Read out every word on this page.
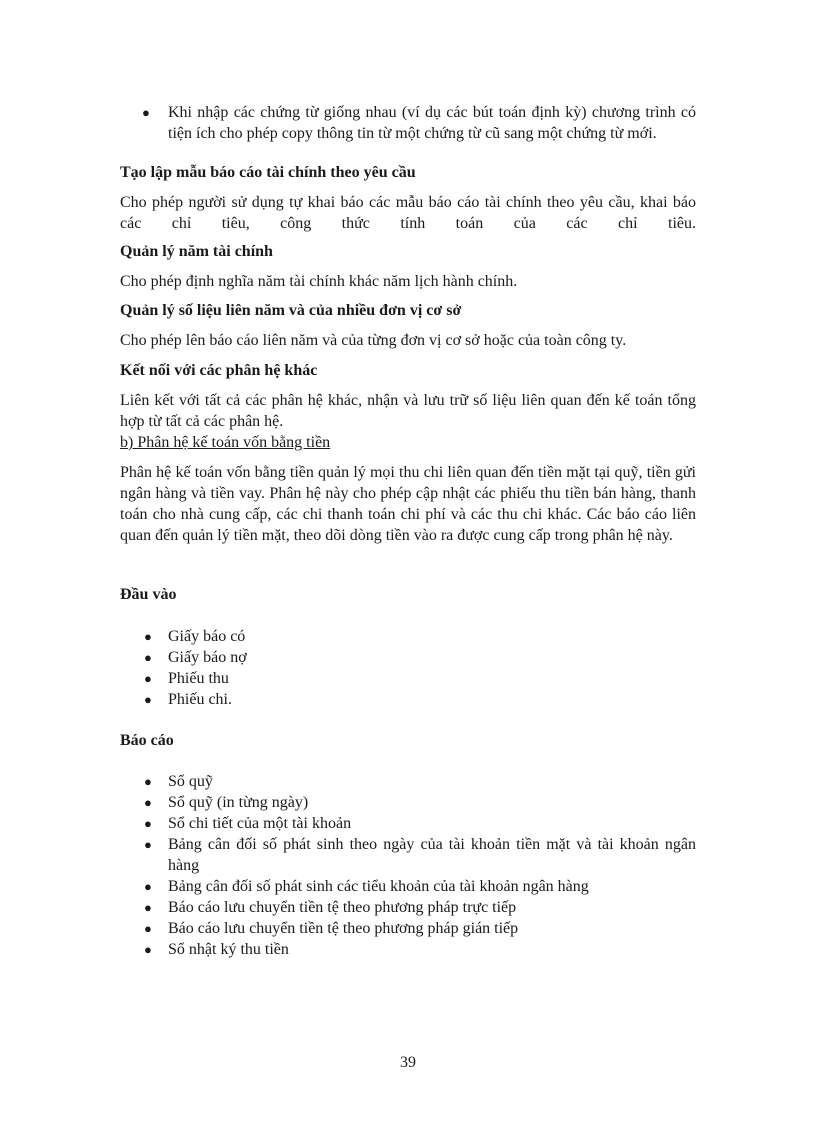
● Khi nhập các chứng từ giống nhau (ví dụ các bút toán định kỳ) chương trình có tiện ích cho phép copy thông tin từ một chứng từ cũ sang một chứng từ mới.
Tạo lập mẫu báo cáo tài chính theo yêu cầu

Cho phép người sử dụng tự khai báo các mẫu báo cáo tài chính theo yêu cầu, khai báo các chỉ tiêu, công thức tính toán của các chỉ tiêu.

Quản lý năm tài chính

Cho phép định nghĩa năm tài chính khác năm lịch hành chính.

Quản lý số liệu liên năm và của nhiều đơn vị cơ sở

Cho phép lên báo cáo liên năm và của từng đơn vị cơ sở hoặc của toàn công ty.

Kết nối với các phân hệ khác

Liên kết với tất cả các phân hệ khác, nhận và lưu trữ số liệu liên quan đến kế toán tổng hợp từ tất cả các phân hệ.

b) Phân hệ kế toán vốn bằng tiền

Phân hệ kế toán vốn bằng tiền quản lý mọi thu chi liên quan đến tiền mặt tại quỹ, tiền gửi ngân hàng và tiền vay. Phân hệ này cho phép cập nhật các phiếu thu tiền bán hàng, thanh toán cho nhà cung cấp, các chi thanh toán chi phí và các thu chi khác. Các báo cáo liên quan đến quản lý tiền mặt, theo dõi dòng tiền vào ra được cung cấp trong phân hệ này.

Đầu vào
● Giấy báo có
● Giấy báo nợ
● Phiếu thu
● Phiếu chi.
Báo cáo
● Sổ quỹ
● Sổ quỹ (in từng ngày)
● Sổ chi tiết của một tài khoản
● Bảng cân đối số phát sinh theo ngày của tài khoản tiền mặt và tài khoản ngân hàng
● Bảng cân đối số phát sinh các tiểu khoản của tài khoản ngân hàng
● Báo cáo lưu chuyển tiền tệ theo phương pháp trực tiếp
● Báo cáo lưu chuyển tiền tệ theo phương pháp gián tiếp
● Sổ nhật ký thu tiền
39
